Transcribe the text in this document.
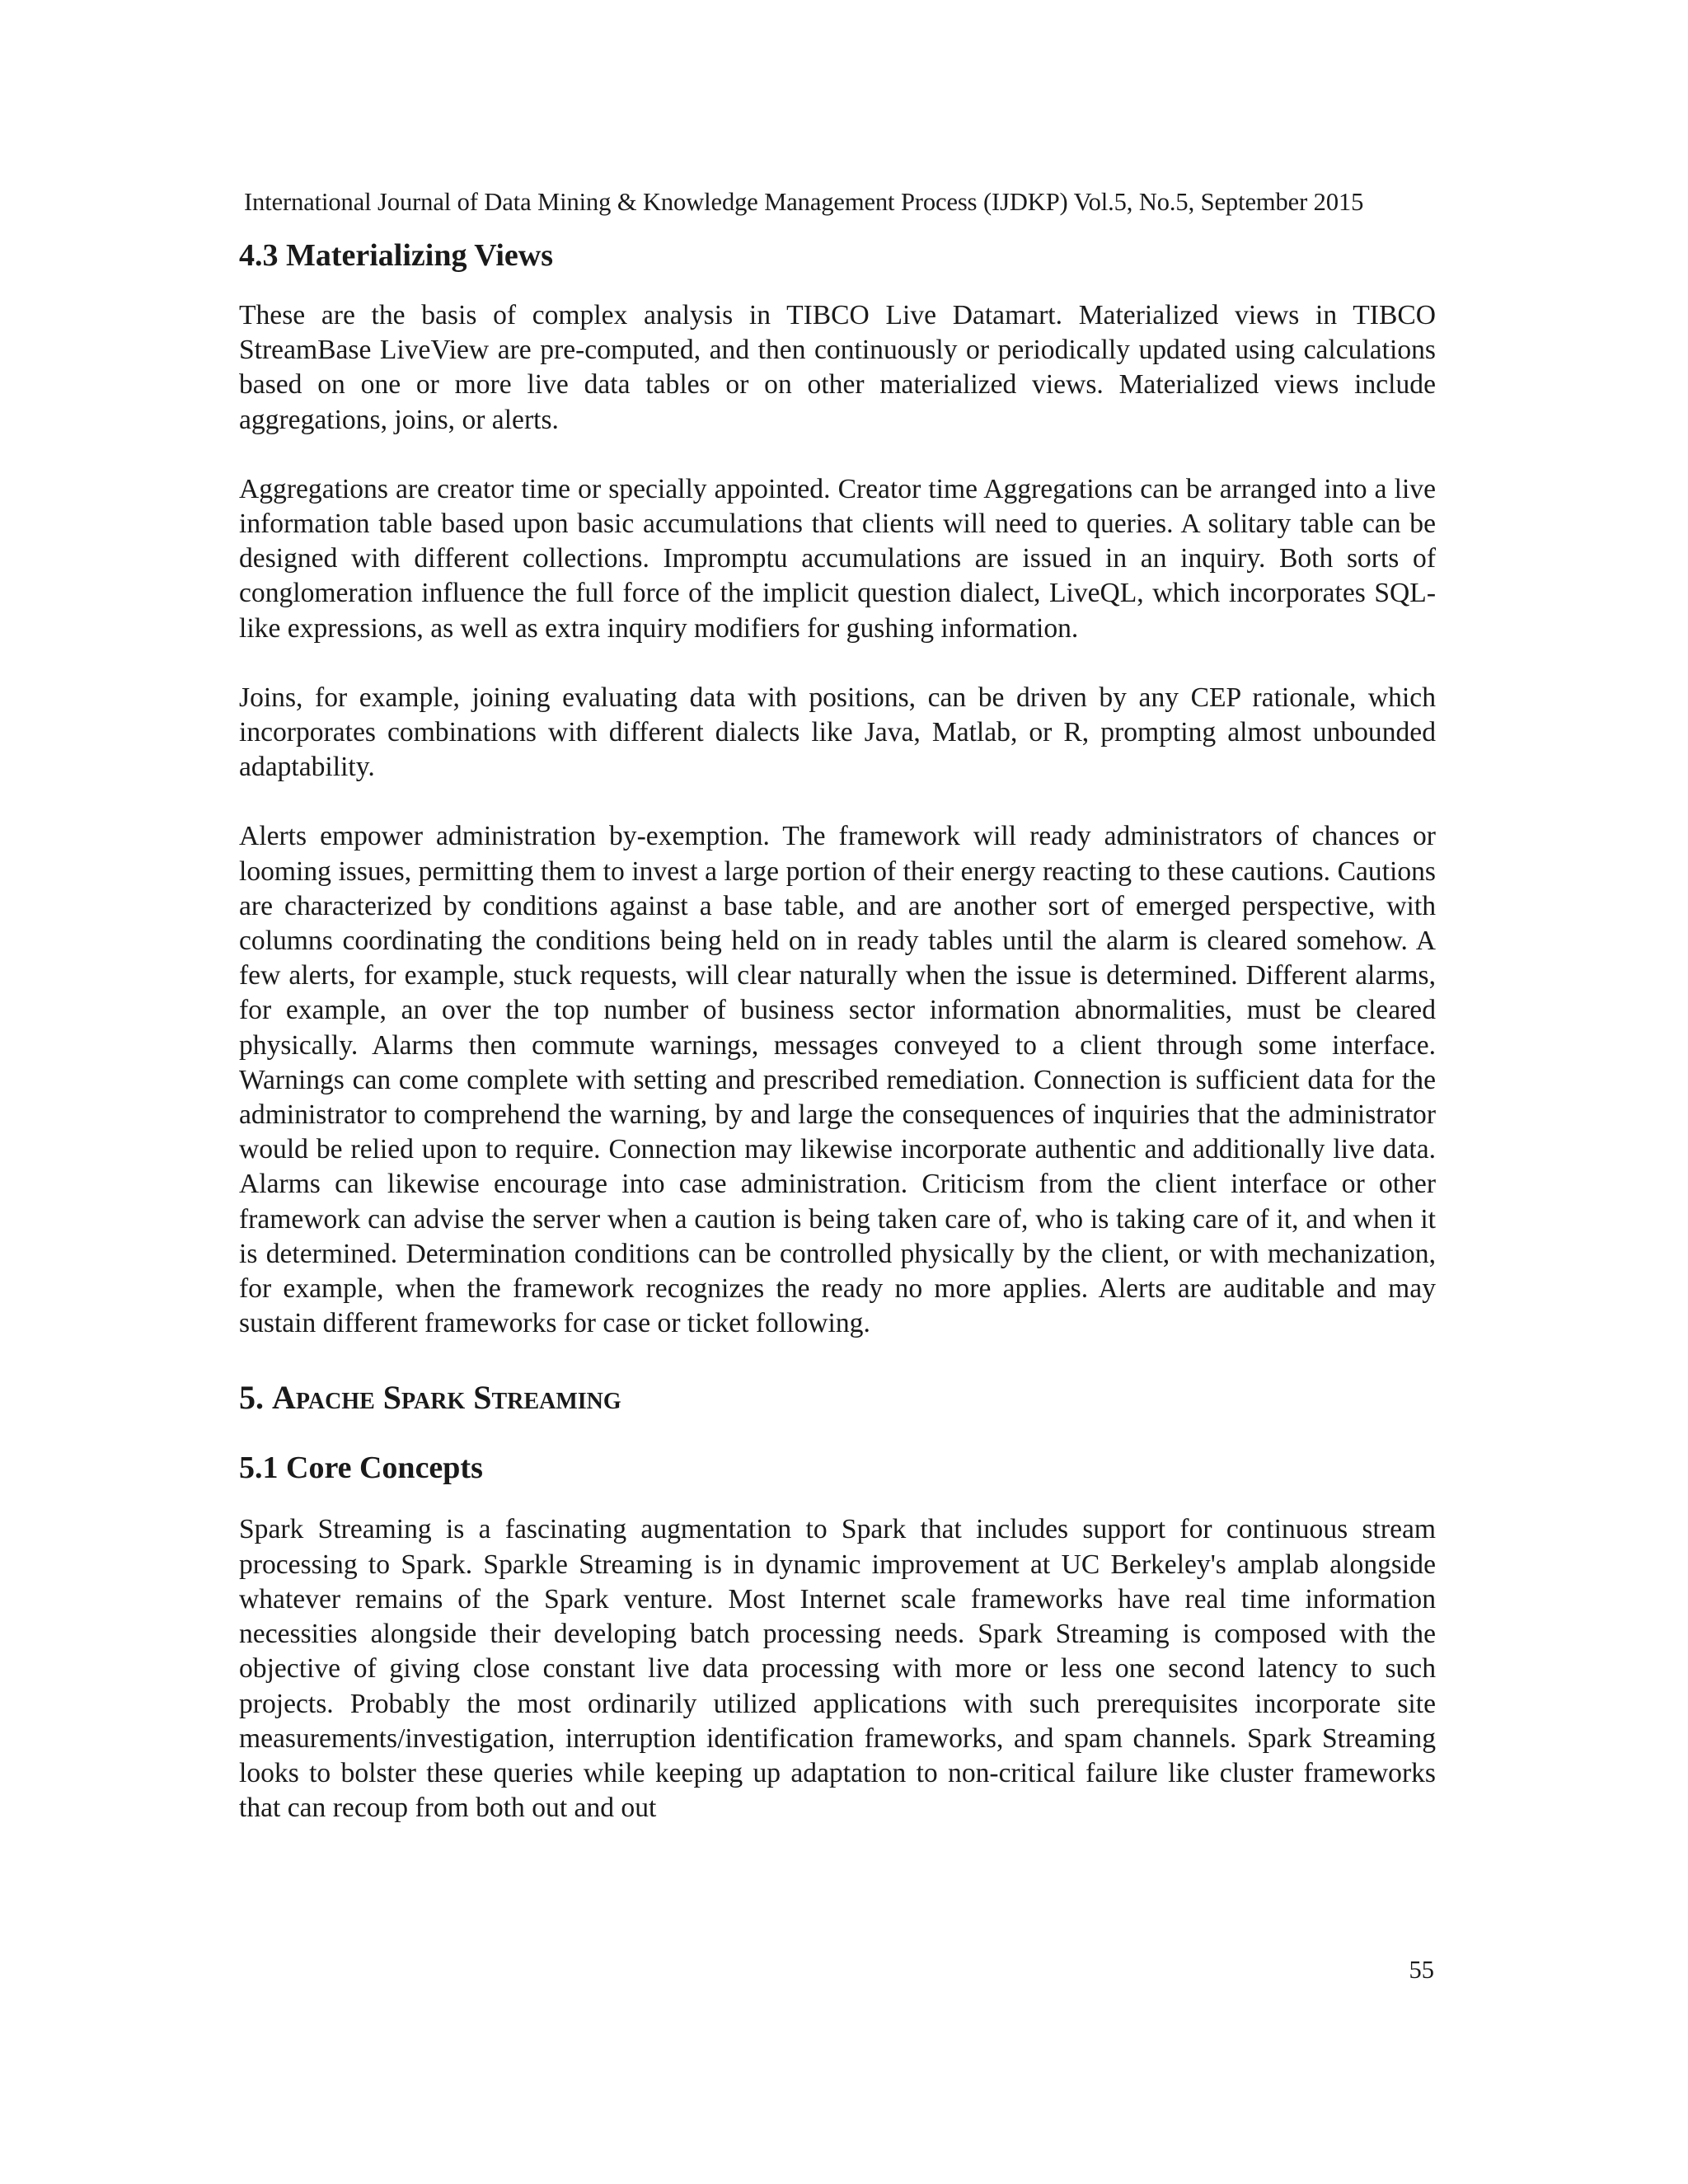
International Journal of Data Mining & Knowledge Management Process (IJDKP) Vol.5, No.5, September 2015
4.3 Materializing Views

These are the basis of complex analysis in TIBCO Live Datamart. Materialized views in TIBCO StreamBase LiveView are pre-computed, and then continuously or periodically updated using calculations based on one or more live data tables or on other materialized views. Materialized views include aggregations, joins, or alerts.

Aggregations are creator time or specially appointed. Creator time Aggregations can be arranged into a live information table based upon basic accumulations that clients will need to queries. A solitary table can be designed with different collections. Impromptu accumulations are issued in an inquiry. Both sorts of conglomeration influence the full force of the implicit question dialect, LiveQL, which incorporates SQL-like expressions, as well as extra inquiry modifiers for gushing information.

Joins, for example, joining evaluating data with positions, can be driven by any CEP rationale, which incorporates combinations with different dialects like Java, Matlab, or R, prompting almost unbounded adaptability.

Alerts empower administration by-exemption. The framework will ready administrators of chances or looming issues, permitting them to invest a large portion of their energy reacting to these cautions. Cautions are characterized by conditions against a base table, and are another sort of emerged perspective, with columns coordinating the conditions being held on in ready tables until the alarm is cleared somehow. A few alerts, for example, stuck requests, will clear naturally when the issue is determined. Different alarms, for example, an over the top number of business sector information abnormalities, must be cleared physically. Alarms then commute warnings, messages conveyed to a client through some interface. Warnings can come complete with setting and prescribed remediation. Connection is sufficient data for the administrator to comprehend the warning, by and large the consequences of inquiries that the administrator would be relied upon to require. Connection may likewise incorporate authentic and additionally live data. Alarms can likewise encourage into case administration. Criticism from the client interface or other framework can advise the server when a caution is being taken care of, who is taking care of it, and when it is determined. Determination conditions can be controlled physically by the client, or with mechanization, for example, when the framework recognizes the ready no more applies. Alerts are auditable and may sustain different frameworks for case or ticket following.

5. Apache Spark Streaming
5.1 Core Concepts

Spark Streaming is a fascinating augmentation to Spark that includes support for continuous stream processing to Spark. Sparkle Streaming is in dynamic improvement at UC Berkeley's amplab alongside whatever remains of the Spark venture. Most Internet scale frameworks have real time information necessities alongside their developing batch processing needs. Spark Streaming is composed with the objective of giving close constant live data processing with more or less one second latency to such projects. Probably the most ordinarily utilized applications with such prerequisites incorporate site measurements/investigation, interruption identification frameworks, and spam channels. Spark Streaming looks to bolster these queries while keeping up adaptation to non-critical failure like cluster frameworks that can recoup from both out and out

55
